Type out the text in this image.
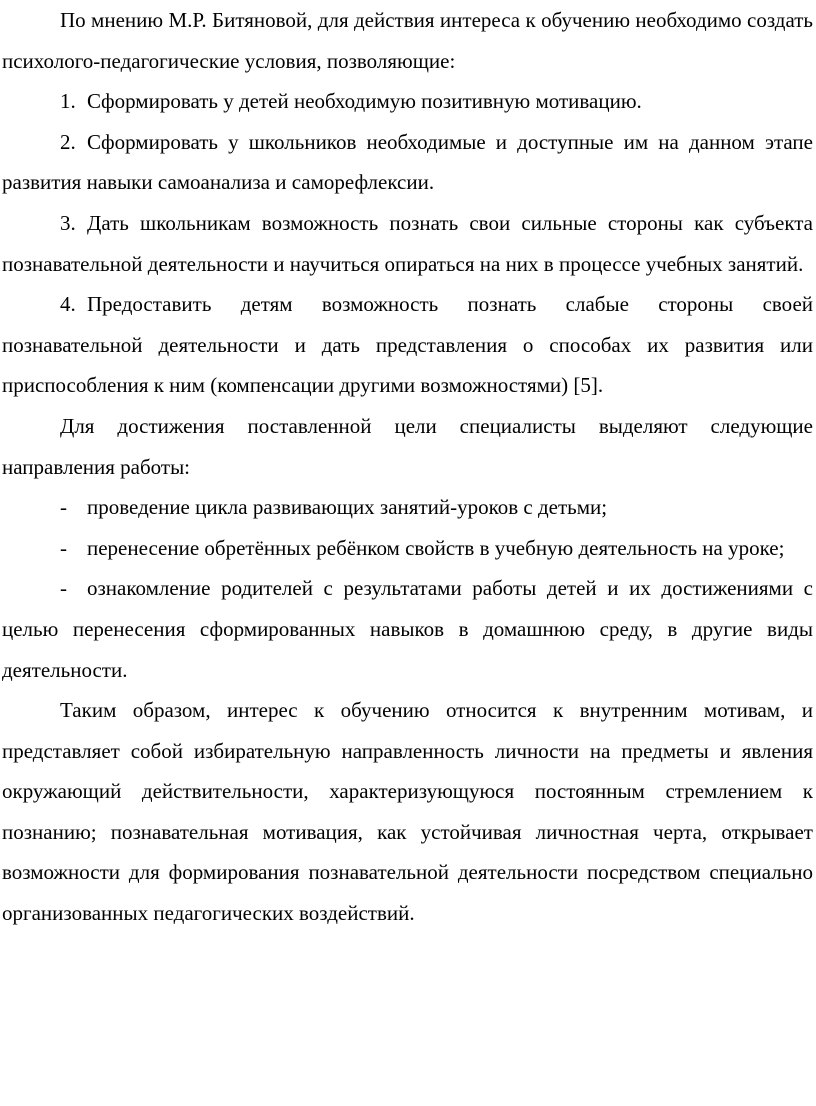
По мнению М.Р. Битяновой, для действия интереса к обучению необходимо создать психолого-педагогические условия, позволяющие:

1. Сформировать у детей необходимую позитивную мотивацию.

2. Сформировать у школьников необходимые и доступные им на данном этапе развития навыки самоанализа и саморефлексии.

3. Дать школьникам возможность познать свои сильные стороны как субъекта познавательной деятельности и научиться опираться на них в процессе учебных занятий.

4. Предоставить детям возможность познать слабые стороны своей познавательной деятельности и дать представления о способах их развития или приспособления к ним (компенсации другими возможностями) [5].

Для достижения поставленной цели специалисты выделяют следующие направления работы:

- проведение цикла развивающих занятий-уроков с детьми;

- перенесение обретённых ребёнком свойств в учебную деятельность на уроке;

- ознакомление родителей с результатами работы детей и их достижениями с целью перенесения сформированных навыков в домашнюю среду, в другие виды деятельности.

Таким образом, интерес к обучению относится к внутренним мотивам, и представляет собой избирательную направленность личности на предметы и явления окружающий действительности, характеризующуюся постоянным стремлением к познанию; познавательная мотивация, как устойчивая личностная черта, открывает возможности для формирования познавательной деятельности посредством специально организованных педагогических воздействий.
